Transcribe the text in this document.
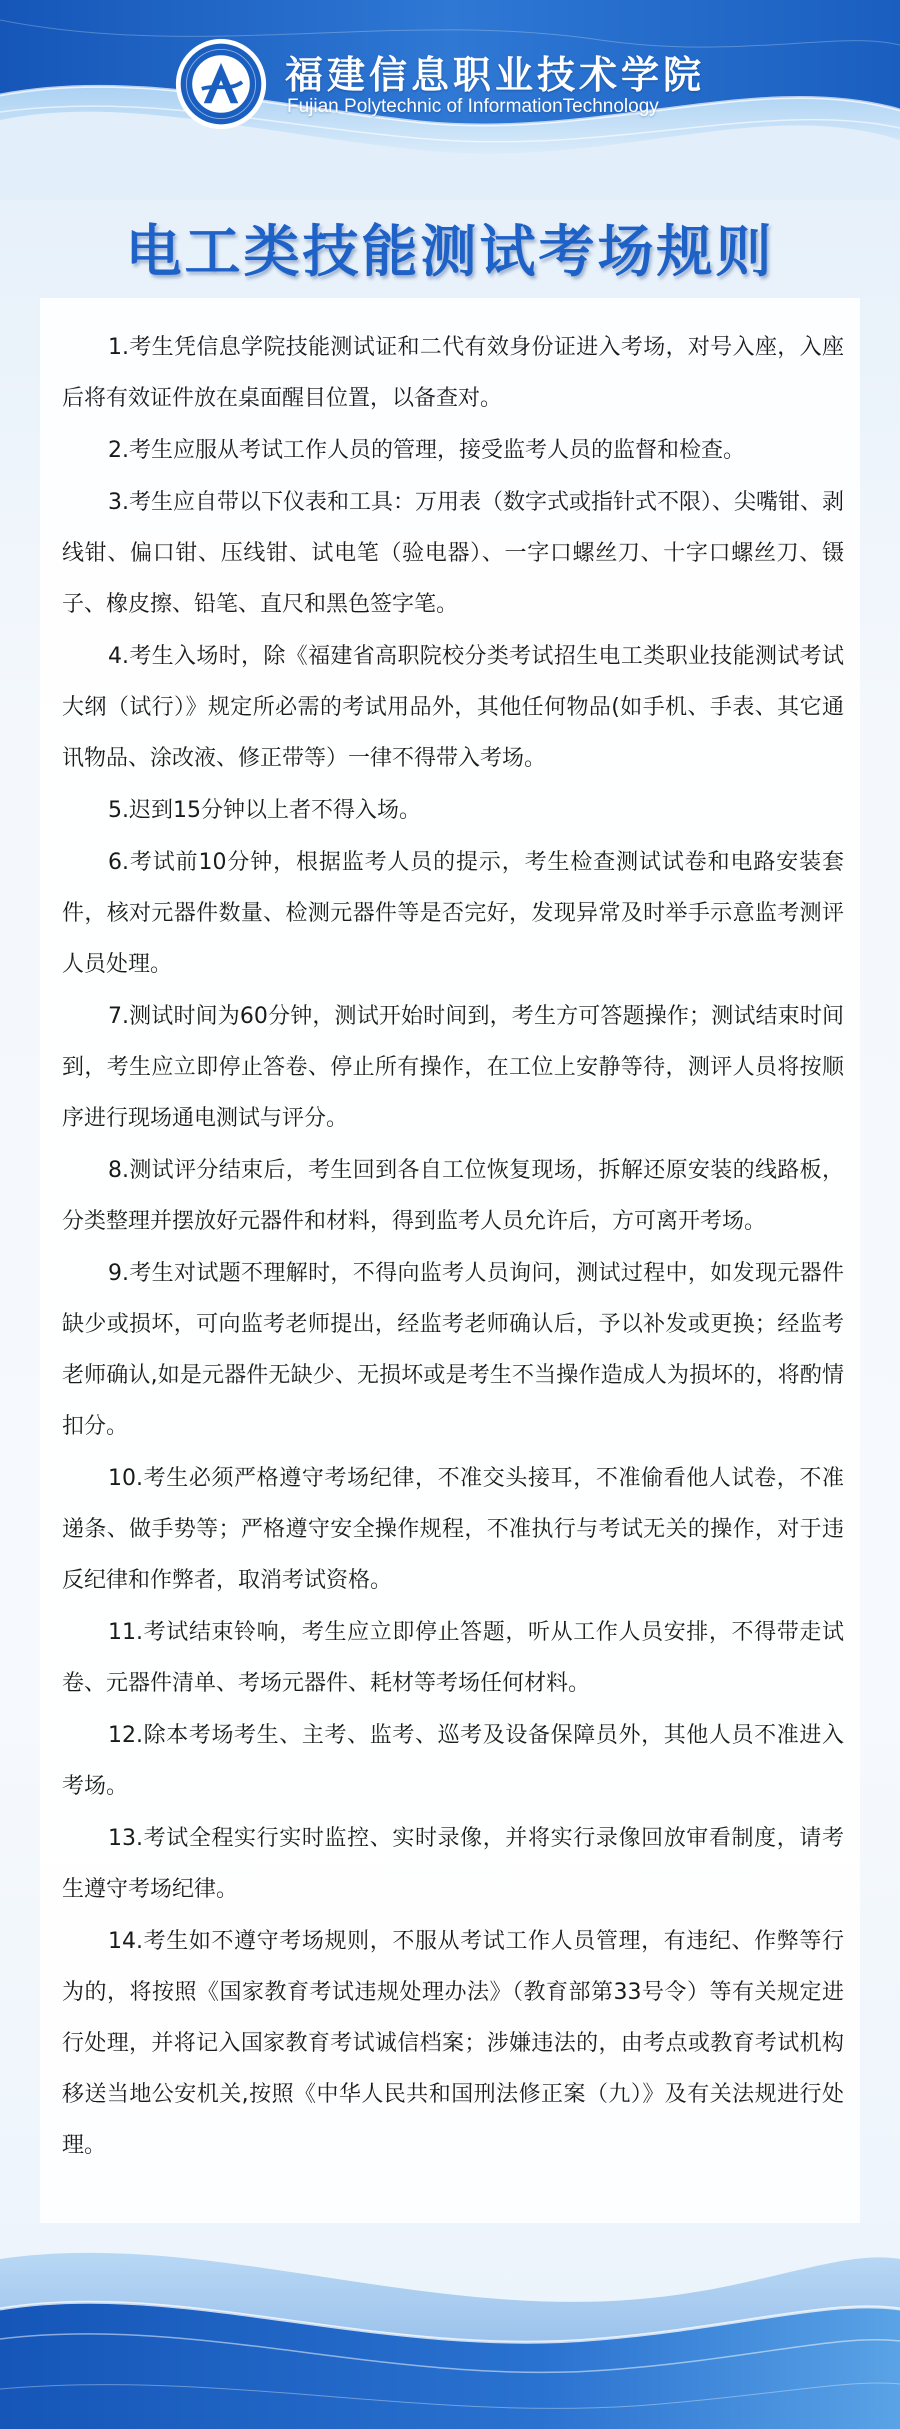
福建信息职业技术学院
Fujian Polytechnic of InformationTechnology
电工类技能测试考场规则
1.考生凭信息学院技能测试证和二代有效身份证进入考场，对号入座，入座后将有效证件放在桌面醒目位置，以备查对。
2.考生应服从考试工作人员的管理，接受监考人员的监督和检查。
3.考生应自带以下仪表和工具：万用表（数字式或指针式不限）、尖嘴钳、剥线钳、偏口钳、压线钳、试电笔（验电器）、一字口螺丝刀、十字口螺丝刀、镊子、橡皮擦、铅笔、直尺和黑色签字笔。
4.考生入场时，除《福建省高职院校分类考试招生电工类职业技能测试考试大纲（试行）》规定所必需的考试用品外，其他任何物品(如手机、手表、其它通讯物品、涂改液、修正带等）一律不得带入考场。
5.迟到15分钟以上者不得入场。
6.考试前10分钟，根据监考人员的提示，考生检查测试试卷和电路安装套件，核对元器件数量、检测元器件等是否完好，发现异常及时举手示意监考测评人员处理。
7.测试时间为60分钟，测试开始时间到，考生方可答题操作；测试结束时间到，考生应立即停止答卷、停止所有操作，在工位上安静等待，测评人员将按顺序进行现场通电测试与评分。
8.测试评分结束后，考生回到各自工位恢复现场，拆解还原安装的线路板，分类整理并摆放好元器件和材料，得到监考人员允许后，方可离开考场。
9.考生对试题不理解时，不得向监考人员询问，测试过程中，如发现元器件缺少或损坏，可向监考老师提出，经监考老师确认后，予以补发或更换；经监考老师确认,如是元器件无缺少、无损坏或是考生不当操作造成人为损坏的，将酌情扣分。
10.考生必须严格遵守考场纪律，不准交头接耳，不准偷看他人试卷，不准递条、做手势等；严格遵守安全操作规程，不准执行与考试无关的操作，对于违反纪律和作弊者，取消考试资格。
11.考试结束铃响，考生应立即停止答题，听从工作人员安排，不得带走试卷、元器件清单、考场元器件、耗材等考场任何材料。
12.除本考场考生、主考、监考、巡考及设备保障员外，其他人员不准进入考场。
13.考试全程实行实时监控、实时录像，并将实行录像回放审看制度，请考生遵守考场纪律。
14.考生如不遵守考场规则，不服从考试工作人员管理，有违纪、作弊等行为的，将按照《国家教育考试违规处理办法》（教育部第33号令）等有关规定进行处理，并将记入国家教育考试诚信档案；涉嫌违法的，由考点或教育考试机构移送当地公安机关,按照《中华人民共和国刑法修正案（九）》及有关法规进行处理。
